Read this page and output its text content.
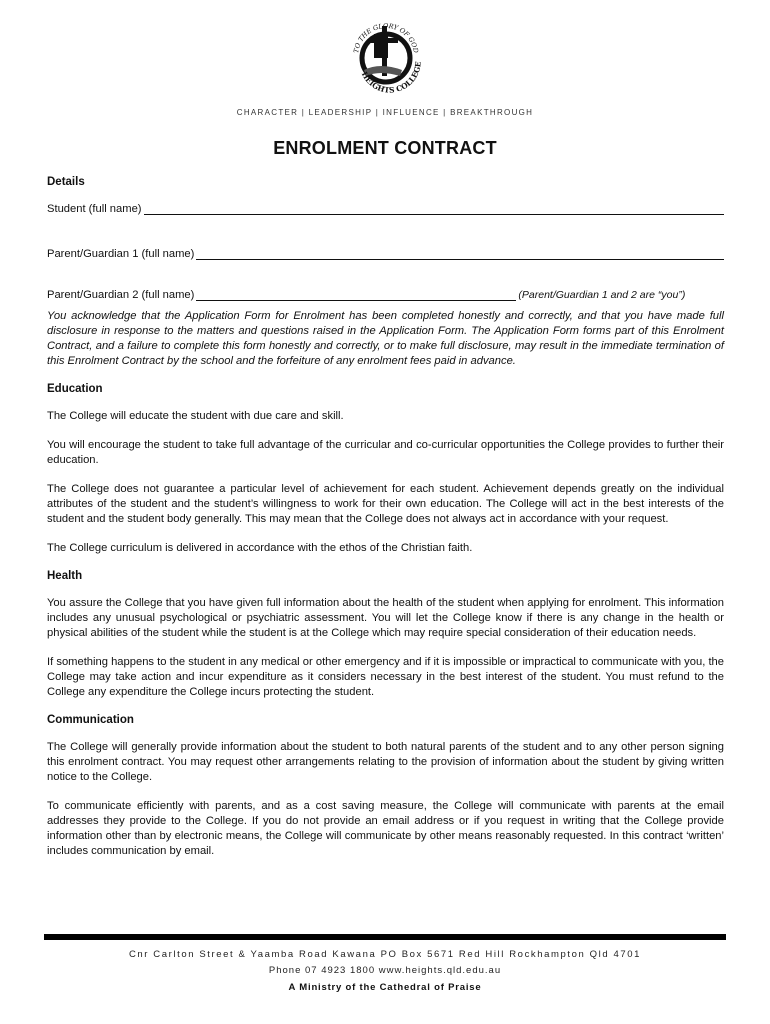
TO THE GLORY OF GOD
HEIGHTS COLLEGE
CHARACTER | LEADERSHIP | INFLUENCE | BREAKTHROUGH
ENROLMENT CONTRACT
Details
Student (full name)
Parent/Guardian 1 (full name)
Parent/Guardian 2 (full name)	(Parent/Guardian 1 and 2 are “you”)

You acknowledge that the Application Form for Enrolment has been completed honestly and correctly, and that you have made full disclosure in response to the matters and questions raised in the Application Form. The Application Form forms part of this Enrolment Contract, and a failure to complete this form honestly and correctly, or to make full disclosure, may result in the immediate termination of this Enrolment Contract by the school and the forfeiture of any enrolment fees paid in advance.

Education

The College will educate the student with due care and skill.

You will encourage the student to take full advantage of the curricular and co-curricular opportunities the College provides to further their education.

The College does not guarantee a particular level of achievement for each student. Achievement depends greatly on the individual attributes of the student and the student’s willingness to work for their own education. The College will act in the best interests of the student and the student body generally. This may mean that the College does not always act in accordance with your request.

The College curriculum is delivered in accordance with the ethos of the Christian faith.

Health

You assure the College that you have given full information about the health of the student when applying for enrolment. This information includes any unusual psychological or psychiatric assessment. You will let the College know if there is any change in the health or physical abilities of the student while the student is at the College which may require special consideration of their education needs.

If something happens to the student in any medical or other emergency and if it is impossible or impractical to communicate with you, the College may take action and incur expenditure as it considers necessary in the best interest of the student. You must refund to the College any expenditure the College incurs protecting the student.

Communication

The College will generally provide information about the student to both natural parents of the student and to any other person signing this enrolment contract. You may request other arrangements relating to the provision of information about the student by giving written notice to the College.

To communicate efficiently with parents, and as a cost saving measure, the College will communicate with parents at the email addresses they provide to the College. If you do not provide an email address or if you request in writing that the College provide information other than by electronic means, the College will communicate by other means reasonably requested. In this contract ‘written’ includes communication by email.

Cnr Carlton Street & Yaamba Road Kawana PO Box 5671 Red Hill Rockhampton Qld 4701
Phone 07 4923 1800 www.heights.qld.edu.au
A Ministry of the Cathedral of Praise
